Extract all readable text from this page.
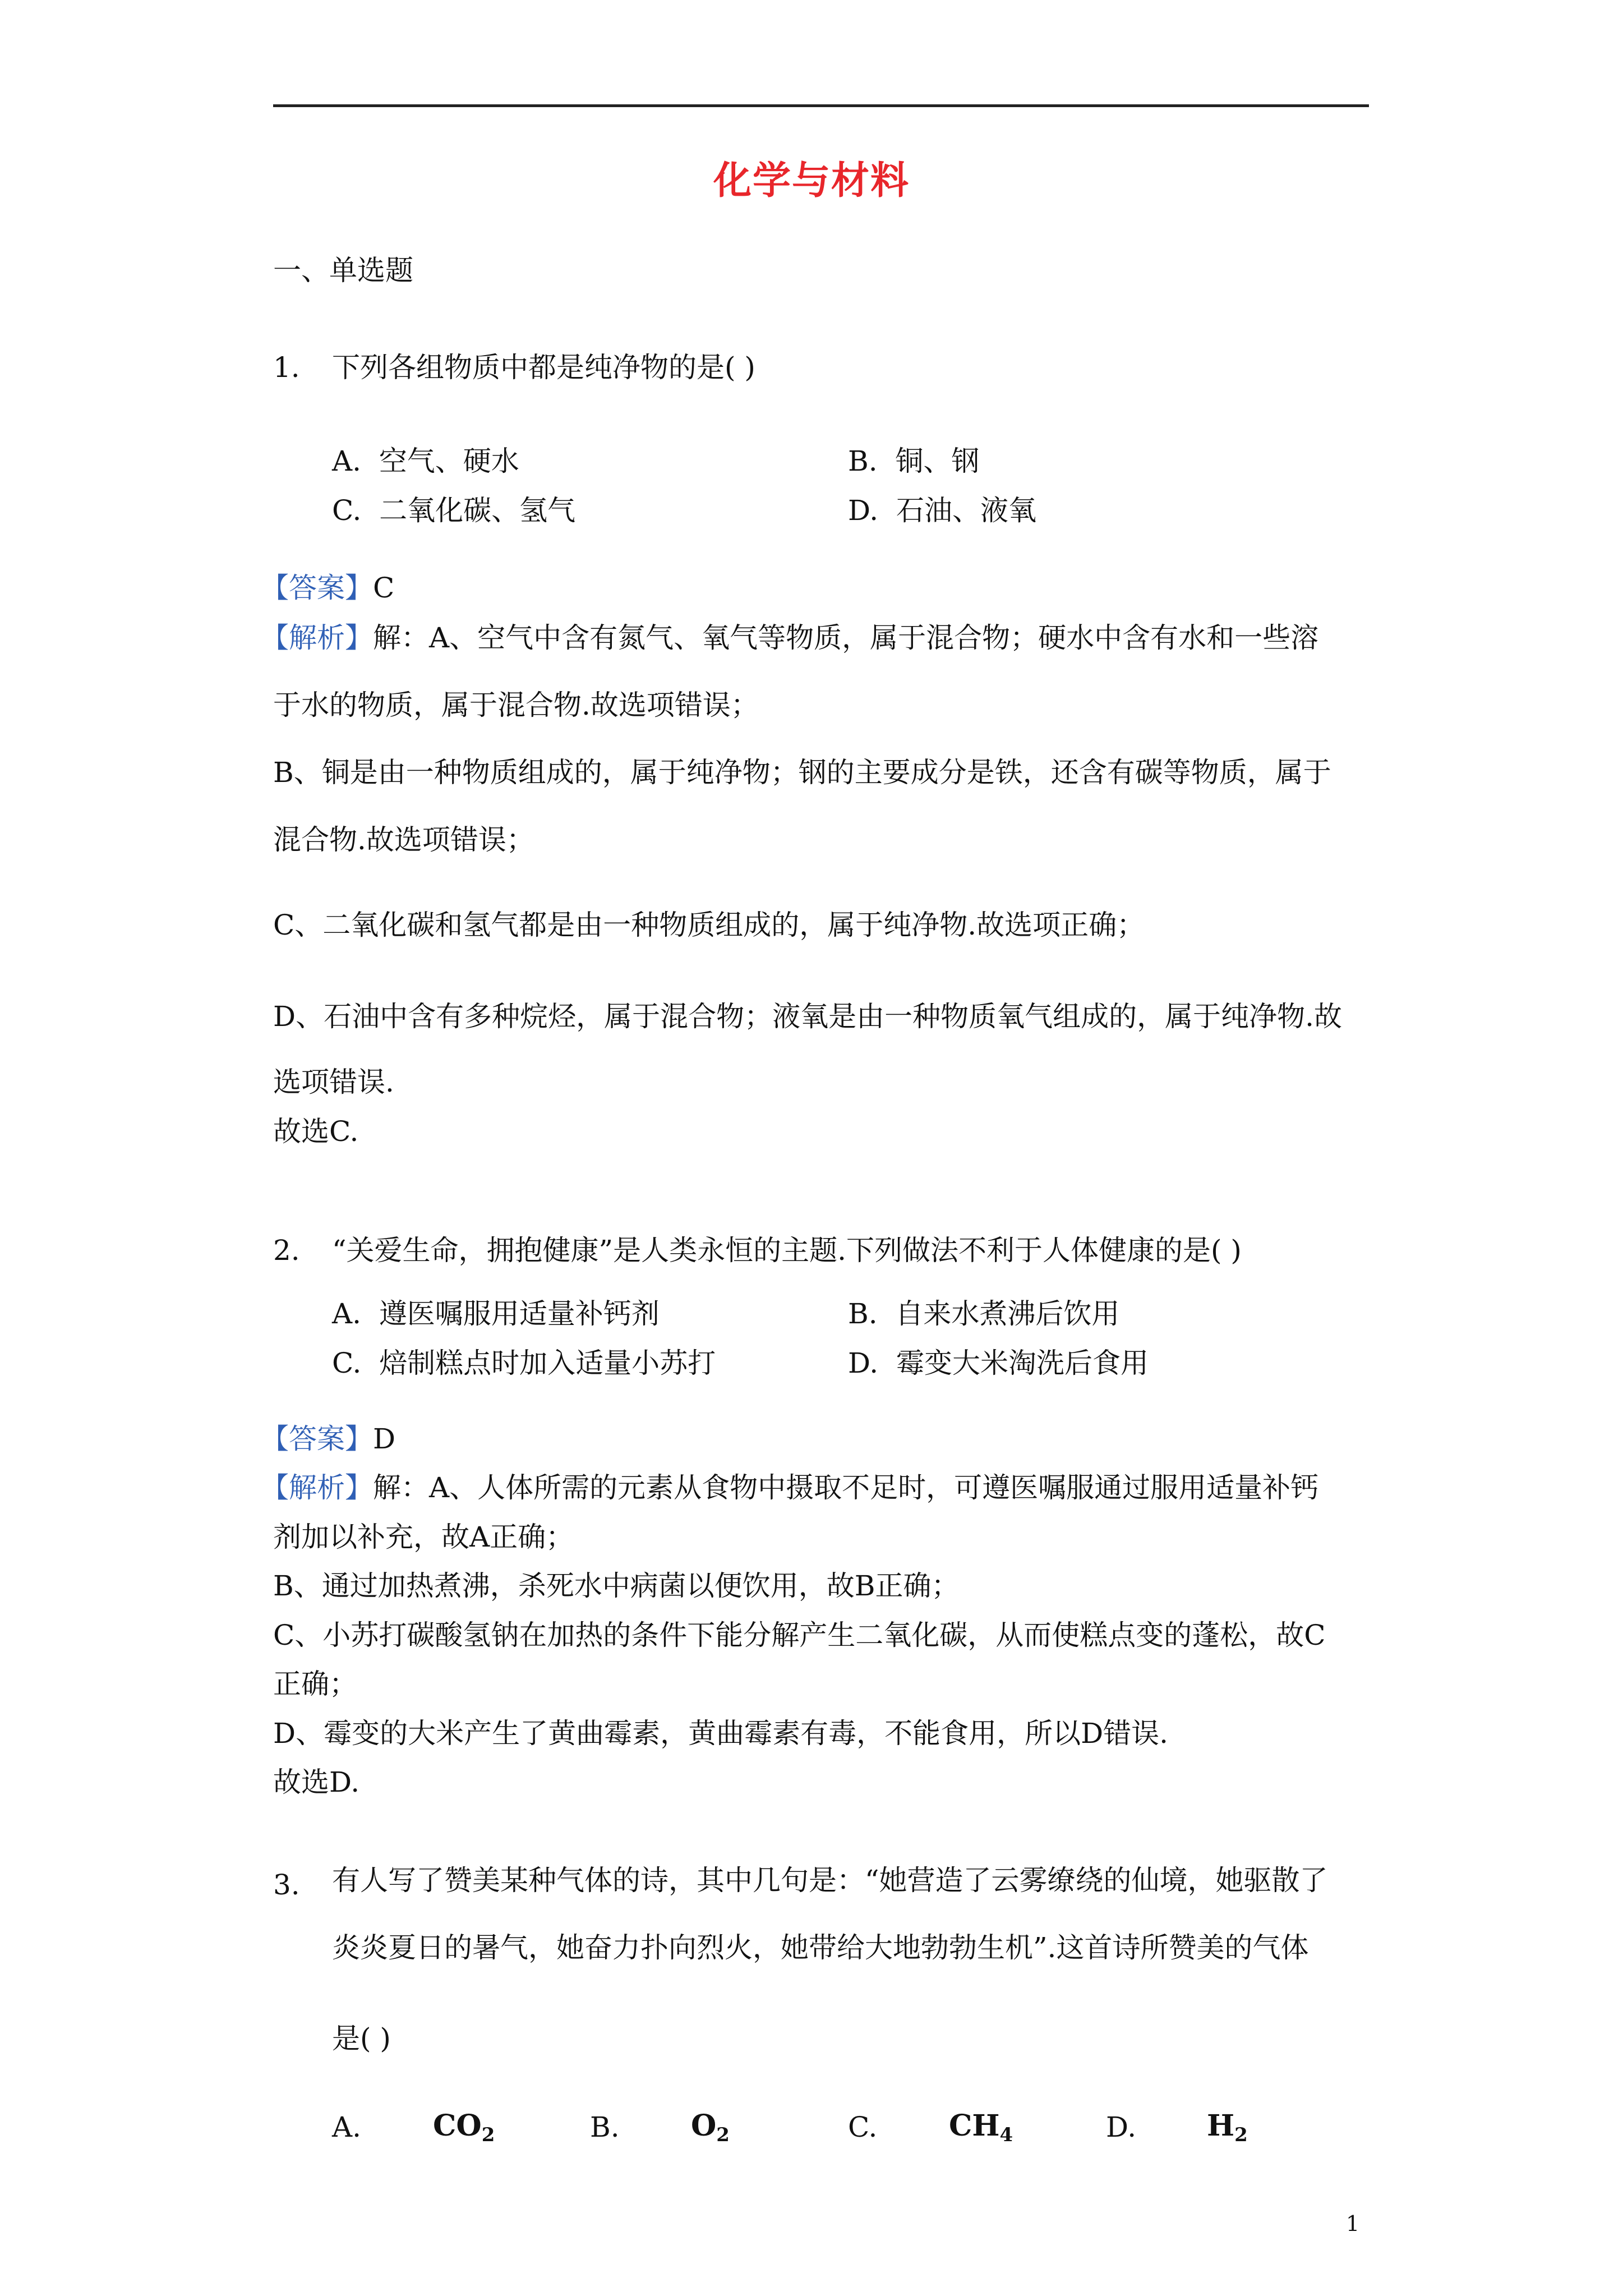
化学与材料
一、单选题
1. 下列各组物质中都是纯净物的是( )
A. 空气、硬水	B. 铜、钢
C. 二氧化碳、氢气	D. 石油、液氧
【答案】C
【解析】解：A、空气中含有氮气、氧气等物质，属于混合物；硬水中含有水和一些溶
于水的物质，属于混合物.故选项错误；
B、铜是由一种物质组成的，属于纯净物；钢的主要成分是铁，还含有碳等物质，属于
混合物.故选项错误；
C、二氧化碳和氢气都是由一种物质组成的，属于纯净物.故选项正确；
D、石油中含有多种烷烃，属于混合物；液氧是由一种物质氧气组成的，属于纯净物.故
选项错误.
故选C.
2. “关爱生命，拥抱健康”是人类永恒的主题.下列做法不利于人体健康的是( )
A. 遵医嘱服用适量补钙剂	B. 自来水煮沸后饮用
C. 焙制糕点时加入适量小苏打	D. 霉变大米淘洗后食用
【答案】D
【解析】解：A、人体所需的元素从食物中摄取不足时，可遵医嘱服通过服用适量补钙
剂加以补充，故A正确；
B、通过加热煮沸，杀死水中病菌以便饮用，故B正确；
C、小苏打碳酸氢钠在加热的条件下能分解产生二氧化碳，从而使糕点变的蓬松，故C
正确；
D、霉变的大米产生了黄曲霉素，黄曲霉素有毒，不能食用，所以D错误.
故选D.
3. 有人写了赞美某种气体的诗，其中几句是：“她营造了云雾缭绕的仙境，她驱散了
炎炎夏日的暑气，她奋力扑向烈火，她带给大地勃勃生机”.这首诗所赞美的气体
是( )
A. $CO_2$	B. $O_2$	C. $CH_4$	D. $H_2$
1
